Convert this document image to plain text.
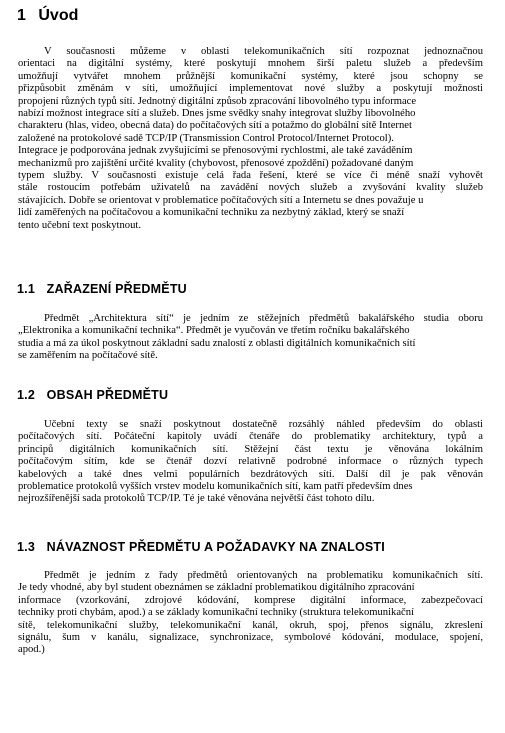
1 Úvod
V současnosti můžeme v oblasti telekomunikačních sítí rozpoznat jednoznačnou
orientaci na digitální systémy, které poskytují mnohem širší paletu služeb a především
umožňují vytvářet mnohem průžnější komunikační systémy, které jsou schopny se
přizpůsobit změnám v síti, umožňující implementovat nové služby a poskytují možnosti
propojení různých typů sítí. Jednotný digitální způsob zpracování libovolného typu informace
nabízí možnost integrace sítí a služeb. Dnes jsme svědky snahy integrovat služby libovolného
charakteru (hlas, video, obecná data) do počítačových sítí a potažmo do globální sítě Internet
založené na protokolové sadě TCP/IP (Transmission Control Protocol/Internet Protocol).
Integrace je podporována jednak zvyšujícími se přenosovými rychlostmi, ale také zaváděním
mechanizmů pro zajištění určité kvality (chybovost, přenosové zpoždění) požadované daným
typem služby. V současnosti existuje celá řada řešení, které se více či méně snaží vyhovět
stále rostoucím potřebám uživatelů na zavádění nových služeb a zvyšování kvality služeb
stávajících. Dobře se orientovat v problematice počítačových sítí a Internetu se dnes považuje u
lidí zaměřených na počítačovou a komunikační techniku za nezbytný základ, který se snaží
tento učební text poskytnout.
1.1 ZAŘAZENÍ PŘEDMĚTU
Předmět „Architektura sítí“ je jedním ze stěžejních předmětů bakalářského studia oboru
„Elektronika a komunikační technika“. Předmět je vyučován ve třetím ročníku bakalářského
studia a má za úkol poskytnout základní sadu znalostí z oblasti digitálních komunikačních sítí
se zaměřením na počítačové sítě.
1.2 OBSAH PŘEDMĚTU
Učební texty se snaží poskytnout dostatečně rozsáhlý náhled především do oblasti
počítačových sítí. Počáteční kapitoly uvádí čtenáře do problematiky architektury, typů a
principů digitálních komunikačních sítí. Stěžejní část textu je věnována lokálním
počítačovým sítím, kde se čtenář dozví relativně podrobné informace o různých typech
kabelových a také dnes velmi populárních bezdrátových sítí. Další díl je pak věnován
problematice protokolů vyšších vrstev modelu komunikačních sítí, kam patří především dnes
nejrozšířenější sada protokolů TCP/IP. Té je také věnována největší část tohoto dílu.
1.3 NÁVAZNOST PŘEDMĚTU A POŽADAVKY NA ZNALOSTI
Předmět je jedním z řady předmětů orientovaných na problematiku komunikačních sítí.
Je tedy vhodné, aby byl student obeznámen se základní problematikou digitálního zpracování
informace (vzorkování, zdrojové kódování, komprese digitální informace, zabezpečovací
techniky proti chybám, apod.) a se základy komunikační techniky (struktura telekomunikační
sítě, telekomunikační služby, telekomunikační kanál, okruh, spoj, přenos signálu, zkreslení
signálu, šum v kanálu, signalizace, synchronizace, symbolové kódování, modulace, spojení,
apod.)
